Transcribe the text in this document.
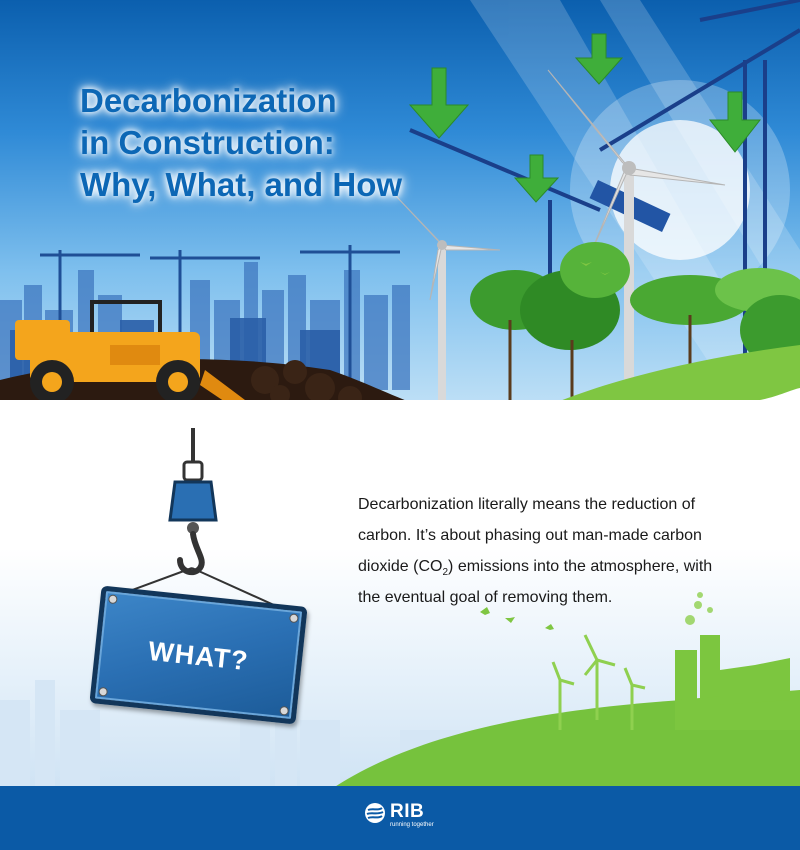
Decarbonization
in Construction:
Why, What, and How
WHAT?

Decarbonization literally means the reduction of carbon. It’s about phasing out man-made carbon dioxide $(CO_2)$ emissions into the atmosphere, with the eventual goal of removing them.

RIB
running together
